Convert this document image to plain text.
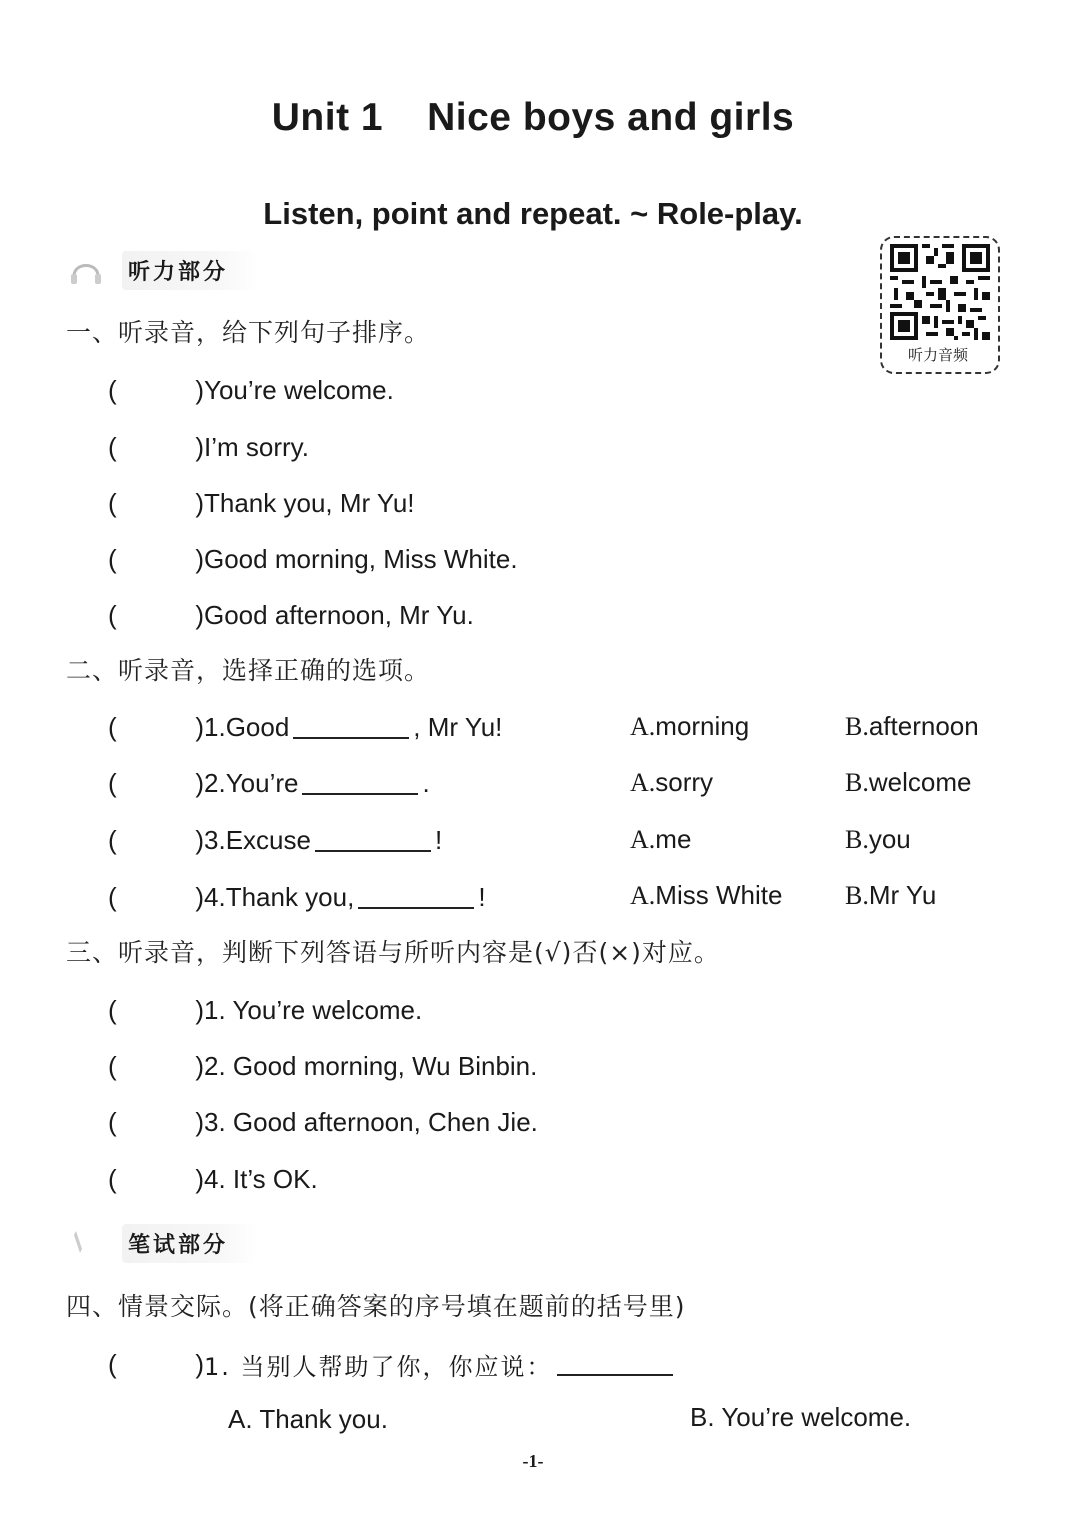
Unit 1 Nice boys and girls
Listen, point and repeat. ~ Role-play.
听力音频
听力部分
一、听录音，给下列句子排序。
(	) You’re welcome.
(	) I’m sorry.
(	) Thank you, Mr Yu!
(	) Good morning, Miss White.
(	) Good afternoon, Mr Yu.
二、听录音，选择正确的选项。
(	) 1. Good	, Mr Yu!	A.morning	B.afternoon
(	) 2. You’re	.	A.sorry	B.welcome
(	) 3. Excuse	!	A.me	B.you
(	) 4. Thank you,	!	A.Miss White B.Mr Yu
三、听录音，判断下列答语与所听内容是(√)否(×)对应。
(	) 1. You’re welcome.
(	) 2. Good morning, Wu Binbin.
(	) 3. Good afternoon, Chen Jie.
(	) 4. It’s OK.
笔试部分
四、情景交际。(将正确答案的序号填在题前的括号里)
(	) 1. 当别人帮助了你，你应说：
A. Thank you.	B. You’re welcome.
-1-
